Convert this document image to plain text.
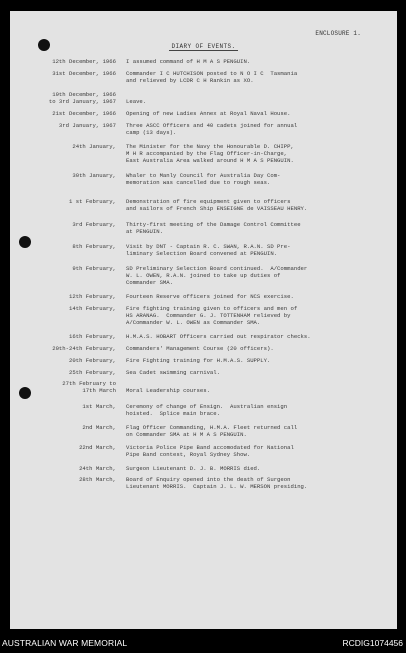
ENCLOSURE 1.
DIARY OF EVENTS.
12th December, 1966 I assumed command of H M A S PENGUIN.
31st December, 1966 Commander I C HUTCHISON posted to N O I C  Tasmania
and relieved by LCDR C H Rankin as XO.
19th December, 1966
to 3rd January, 1967 Leave.
21st December, 1966 Opening of new Ladies Annex at Royal Naval House.
3rd January, 1967 Three ASCC Officers and 40 cadets joined for annual
camp (13 days).
24th January, The Minister for the Navy the Honourable D. CHIPP,
M H R accompanied by the Flag Officer-in-Charge,
East Australia Area walked around H M A S PENGUIN.
30th January, Whaler to Manly Council for Australia Day Com-
memoration was cancelled due to rough seas.
1 st February, Demonstration of fire equipment given to officers
and sailors of French Ship ENSEIGNE de VAISSEAU HENRY.
3rd February, Thirty-first meeting of the Damage Control Committee
at PENGUIN.
8th February, Visit by DNT - Captain R. C. SWAN, R.A.N. SD Pre-
liminary Selection Board convened at PENGUIN.
9th February, SD Preliminary Selection Board continued.  A/Commander
W. L. OWEN, R.A.N. joined to take up duties of
Commander SMA.
12th February, Fourteen Reserve officers joined for NCS exercise.
14th February, Fire fighting training given to officers and men of
HS ARANAG.  Commander G. J. TOTTENHAM relieved by
A/Commander W. L. OWEN as Commander SMA.
16th February, H.M.A.S. HOBART Officers carried out respirator checks.
20th-24th February, Commanders' Management Course (20 officers).
20th February, Fire Fighting training for H.M.A.S. SUPPLY.
25th February, Sea Cadet swimming carnival.
27th February to
17th March Moral Leadership courses.
1st March, Ceremony of change of Ensign.  Australian ensign
hoisted.  Splice main brace.
2nd March, Flag Officer Commanding, H.M.A. Fleet returned call
on Commander SMA at H M A S PENGUIN.
22nd March, Victoria Police Pipe Band accomodated for National
Pipe Band contest, Royal Sydney Show.
24th March, Surgeon Lieutenant D. J. B. MORRIS died.
28th March, Board of Enquiry opened into the death of Surgeon
Lieutenant MORRIS.  Captain J. L. W. MERSON presiding.
AUSTRALIAN WAR MEMORIAL	RCDIG1074456
